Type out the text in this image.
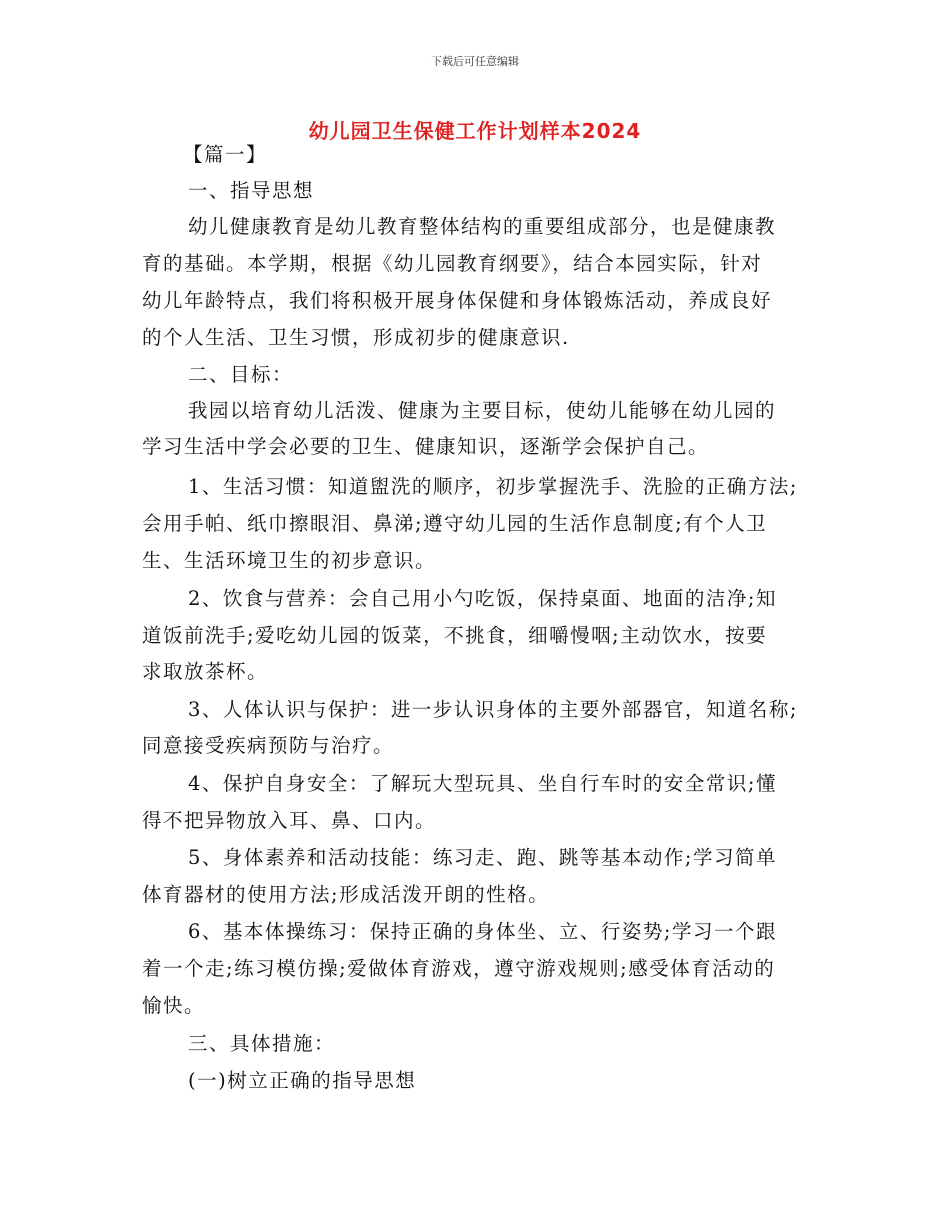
下载后可任意编辑
幼儿园卫生保健工作计划样本2024
【篇一】
一、指导思想
幼儿健康教育是幼儿教育整体结构的重要组成部分，也是健康教
育的基础。本学期，根据《幼儿园教育纲要》，结合本园实际，针对
幼儿年龄特点，我们将积极开展身体保健和身体锻炼活动，养成良好
的个人生活、卫生习惯，形成初步的健康意识.
二、目标：
我园以培育幼儿活泼、健康为主要目标，使幼儿能够在幼儿园的
学习生活中学会必要的卫生、健康知识，逐渐学会保护自己。
1、生活习惯：知道盥洗的顺序，初步掌握洗手、洗脸的正确方法;
会用手帕、纸巾擦眼泪、鼻涕;遵守幼儿园的生活作息制度;有个人卫
生、生活环境卫生的初步意识。
2、饮食与营养：会自己用小勺吃饭，保持桌面、地面的洁净;知
道饭前洗手;爱吃幼儿园的饭菜，不挑食，细嚼慢咽;主动饮水，按要
求取放茶杯。
3、人体认识与保护：进一步认识身体的主要外部器官，知道名称;
同意接受疾病预防与治疗。
4、保护自身安全：了解玩大型玩具、坐自行车时的安全常识;懂
得不把异物放入耳、鼻、口内。
5、身体素养和活动技能：练习走、跑、跳等基本动作;学习简单
体育器材的使用方法;形成活泼开朗的性格。
6、基本体操练习：保持正确的身体坐、立、行姿势;学习一个跟
着一个走;练习模仿操;爱做体育游戏，遵守游戏规则;感受体育活动的
愉快。
三、具体措施：
(一)树立正确的指导思想
